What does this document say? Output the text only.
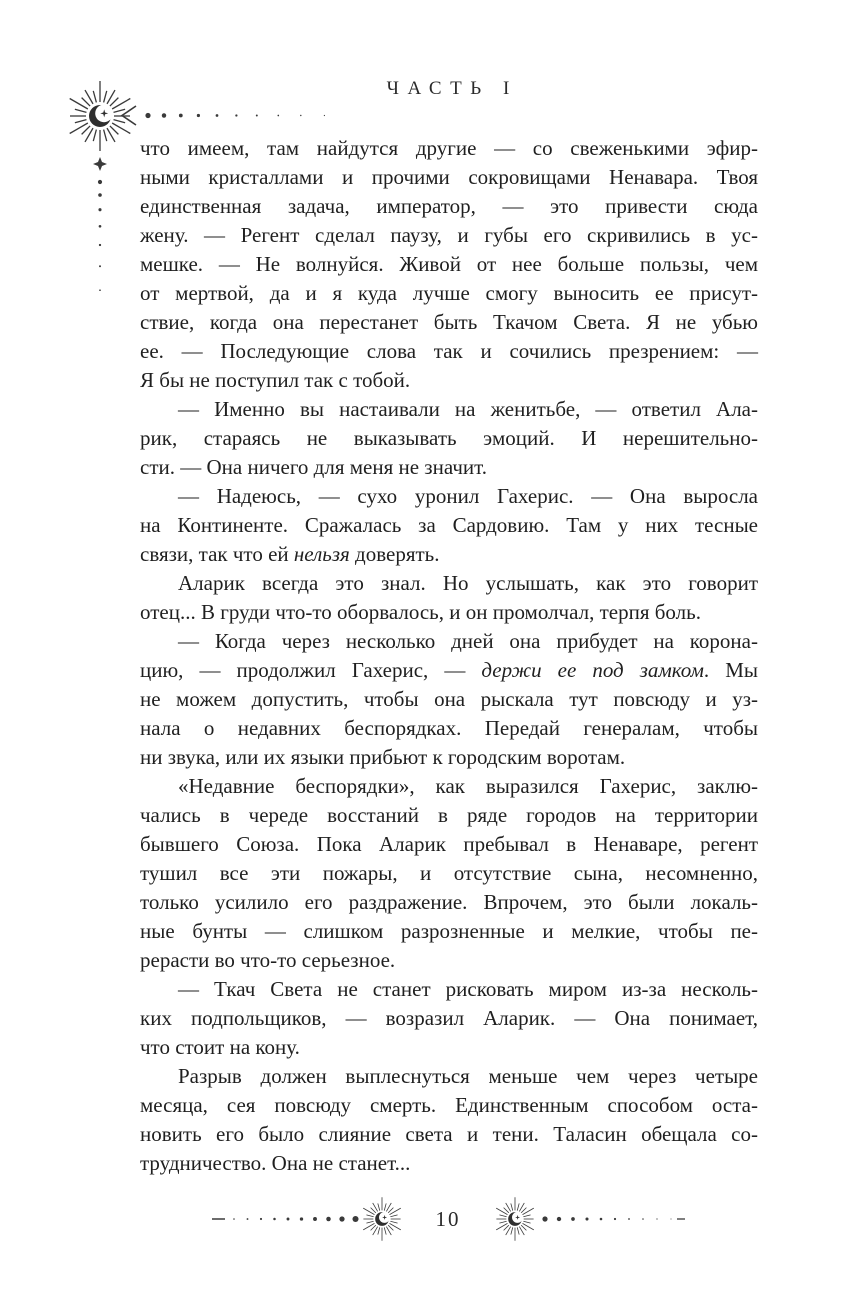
ЧАСТЬ I
что имеем, там найдутся другие — со свеженькими эфир-
ными кристаллами и прочими сокровищами Ненавара. Твоя
единственная задача, император, — это привести сюда
жену. — Регент сделал паузу, и губы его скривились в ус-
мешке. — Не волнуйся. Живой от нее больше пользы, чем
от мертвой, да и я куда лучше смогу выносить ее присут-
ствие, когда она перестанет быть Ткачом Света. Я не убью
ее. — Последующие слова так и сочились презрением: —
Я бы не поступил так с тобой.
— Именно вы настаивали на женитьбе, — ответил Ала-
рик, стараясь не выказывать эмоций. И нерешительно-
сти. — Она ничего для меня не значит.
— Надеюсь, — сухо уронил Гахерис. — Она выросла
на Континенте. Сражалась за Сардовию. Там у них тесные
связи, так что ей нельзя доверять.
Аларик всегда это знал. Но услышать, как это говорит
отец... В груди что-то оборвалось, и он промолчал, терпя боль.
— Когда через несколько дней она прибудет на корона-
цию, — продолжил Гахерис, — держи ее под замком. Мы
не можем допустить, чтобы она рыскала тут повсюду и уз-
нала о недавних беспорядках. Передай генералам, чтобы
ни звука, или их языки прибьют к городским воротам.
«Недавние беспорядки», как выразился Гахерис, заклю-
чались в череде восстаний в ряде городов на территории
бывшего Союза. Пока Аларик пребывал в Ненаваре, регент
тушил все эти пожары, и отсутствие сына, несомненно,
только усилило его раздражение. Впрочем, это были локаль-
ные бунты — слишком разрозненные и мелкие, чтобы пе-
рерасти во что-то серьезное.
— Ткач Света не станет рисковать миром из-за несколь-
ких подпольщиков, — возразил Аларик. — Она понимает,
что стоит на кону.
Разрыв должен выплеснуться меньше чем через четыре
месяца, сея повсюду смерть. Единственным способом оста-
новить его было слияние света и тени. Таласин обещала со-
трудничество. Она не станет...
10
